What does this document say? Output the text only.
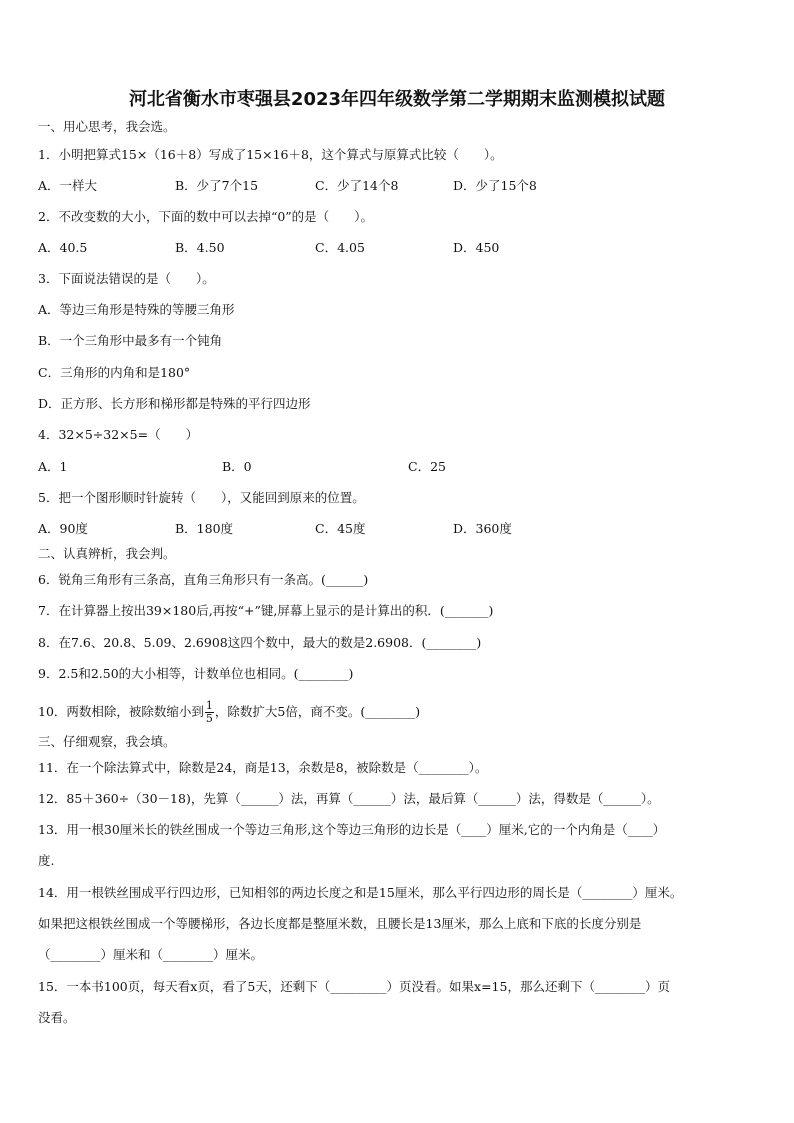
河北省衡水市枣强县2023年四年级数学第二学期期末监测模拟试题
一、用心思考，我会选。
1．小明把算式15×（16＋8）写成了15×16＋8，这个算式与原算式比较（　　）。
A．一样大	B．少了7个15	C．少了14个8	D．少了15个8
2．不改变数的大小，下面的数中可以去掉“0”的是（　　）。
A．40.5	B．4.50	C．4.05	D．450
3．下面说法错误的是（　　）。
A．等边三角形是特殊的等腰三角形
B．一个三角形中最多有一个钝角
C．三角形的内角和是180°
D．正方形、长方形和梯形都是特殊的平行四边形
4．32×5÷32×5=（　　）
A．1	B．0	C．25
5．把一个图形顺时针旋转（　　），又能回到原来的位置。
A．90度	B．180度	C．45度	D．360度
二、认真辨析，我会判。
6．锐角三角形有三条高，直角三角形只有一条高。(______)
7．在计算器上按出39×180后,再按“+”键,屏幕上显示的是计算出的积．(_______)
8．在7.6、20.8、5.09、2.6908这四个数中，最大的数是2.6908．(________)
9．2.5和2.50的大小相等，计数单位也相同。(________)
10．两数相除，被除数缩小到 $\frac{1}{5}$ ，除数扩大5倍，商不变。(________)
三、仔细观察，我会填。
11．在一个除法算式中，除数是24，商是13，余数是8，被除数是（________）。
12．85＋360÷（30－18)，先算（______）法，再算（______）法，最后算（______）法，得数是（______）。
13．用一根30厘米长的铁丝围成一个等边三角形,这个等边三角形的边长是（____）厘米,它的一个内角是（____）
度.
14．用一根铁丝围成平行四边形，已知相邻的两边长度之和是15厘米，那么平行四边形的周长是（________）厘米。
如果把这根铁丝围成一个等腰梯形，各边长度都是整厘米数，且腰长是13厘米，那么上底和下底的长度分别是
（________）厘米和（________）厘米。
15．一本书100页，每天看x页，看了5天，还剩下（_________）页没看。如果x=15，那么还剩下（________）页
没看。
